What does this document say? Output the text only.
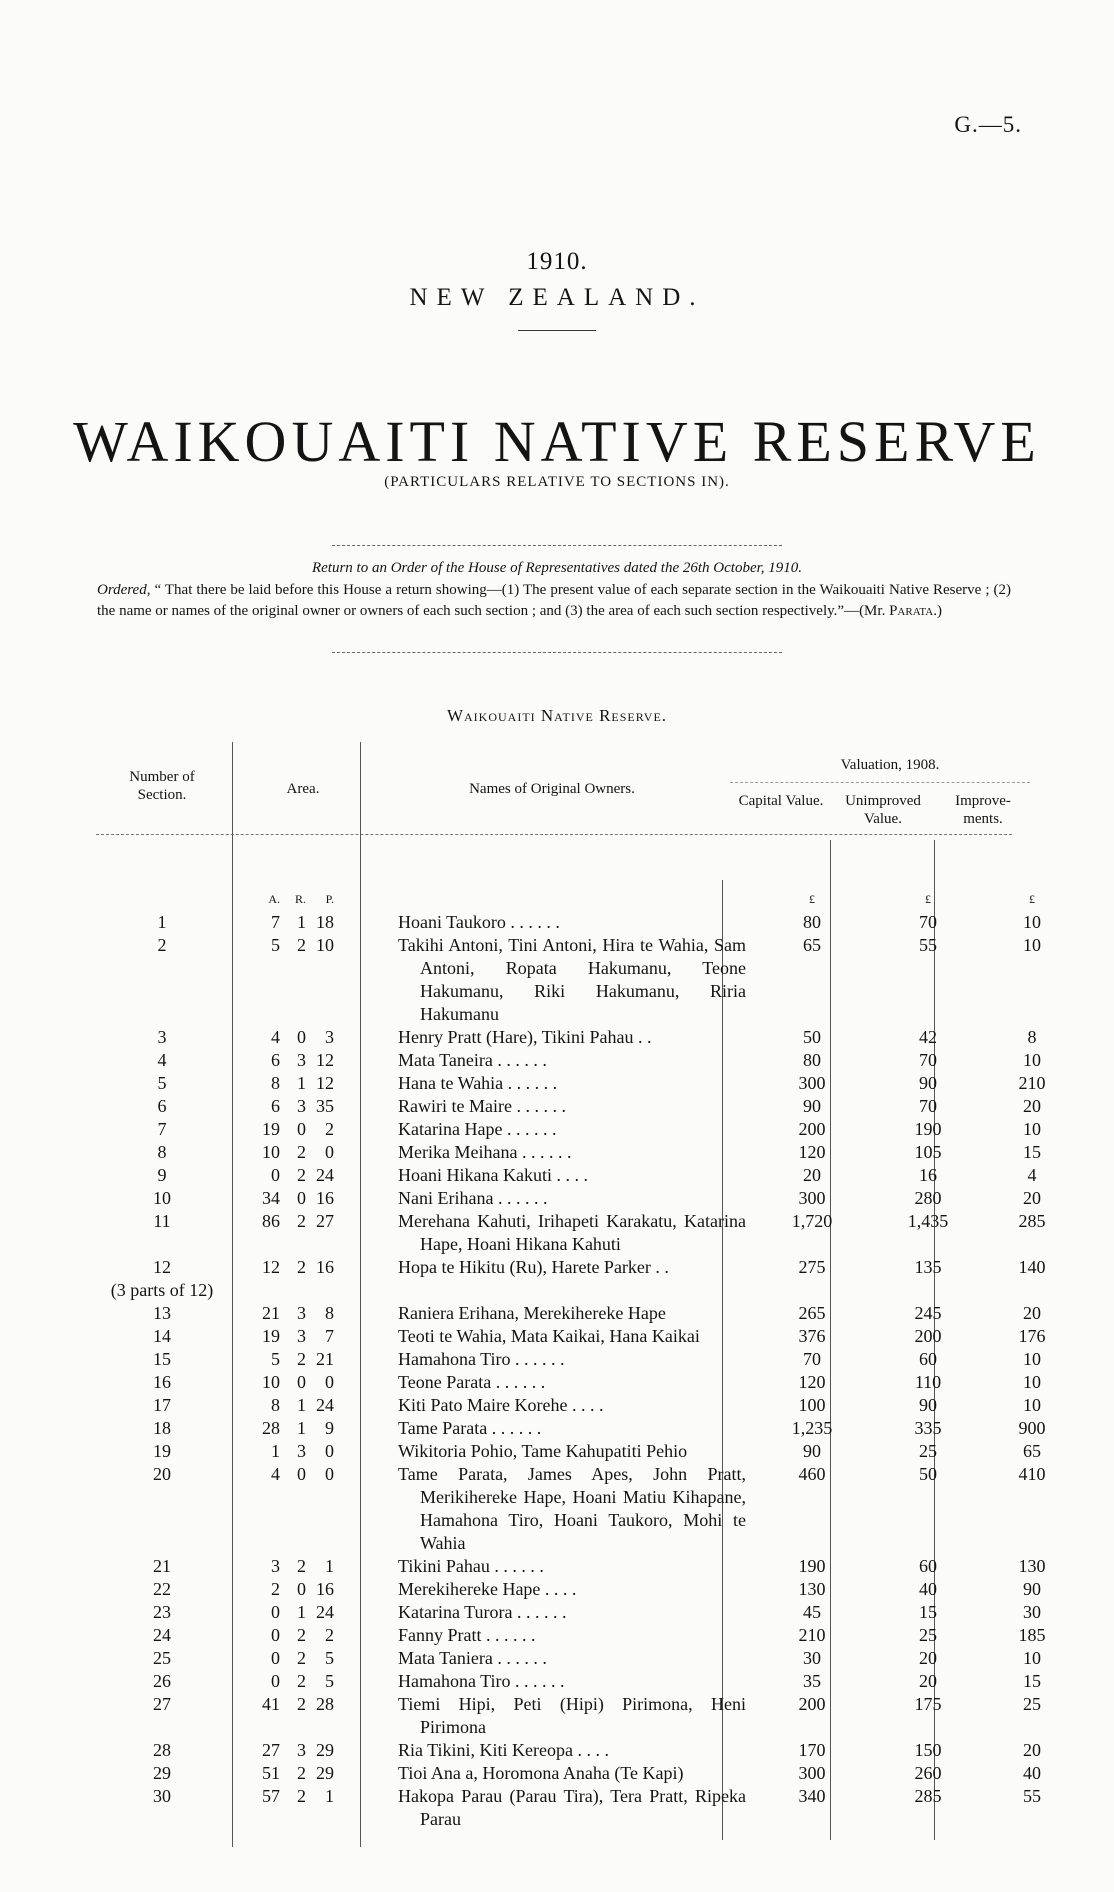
G.—5.
1910.
NEW ZEALAND.
WAIKOUAITI NATIVE RESERVE
(PARTICULARS RELATIVE TO SECTIONS IN).
Return to an Order of the House of Representatives dated the 26th October, 1910.
Ordered, “ That there be laid before this House a return showing—(1) The present value of each separate section in the Waikouaiti Native Reserve ; (2) the name or names of the original owner or owners of each such section ; and (3) the area of each such section respectively.”—(Mr. Parata.)
Waikouaiti Native Reserve.
Number of Section.	Area.	Names of Original Owners.
Valuation, 1908.
Capital Value.	Unimproved Value.
Improve- ments.
	A. R. P.		£	£	£
1	7 1 18	Hoani Taukoro . . . . . .	80	70	10
2	5 2 10	Takihi Antoni, Tini Antoni, Hira te Wahia, Sam Antoni, Ropata Hakumanu, Teone Hakumanu, Riki Hakumanu, Riria Hakumanu	65	55	10
3	4 0 3	Henry Pratt (Hare), Tikini Pahau . .	50	42	8
4	6 3 12	Mata Taneira . . . . . .	80	70	10
5	8 1 12	Hana te Wahia . . . . . .	300	90	210
6	6 3 35	Rawiri te Maire . . . . . .	90	70	20
7	19 0 2	Katarina Hape . . . . . .	200	190	10
8	10 2 0	Merika Meihana . . . . . .	120	105	15
9	0 2 24	Hoani Hikana Kakuti . . . .	20	16	4
10	34 0 16	Nani Erihana . . . . . .	300	280	20
11	86 2 27	Merehana Kahuti, Irihapeti Karakatu, Katarina Hape, Hoani Hikana Kahuti	1,720	1,435	285
12	12 2 16	Hopa te Hikitu (Ru), Harete Parker . .	275	135	140
(3 parts of 12)		

13	21 3 8	Raniera Erihana, Merekihereke Hape	265	245	20
14	19 3 7	Teoti te Wahia, Mata Kaikai, Hana Kaikai	376	200	176
15	5 2 21	Hamahona Tiro . . . . . .	70	60	10
16	10 0 0	Teone Parata . . . . . .	120	110	10
17	8 1 24	Kiti Pato Maire Korehe . . . .	100	90	10
18	28 1 9	Tame Parata . . . . . .	1,235	335	900
19	1 3 0	Wikitoria Pohio, Tame Kahupatiti Pehio	90	25	65
20	4 0 0	Tame Parata, James Apes, John Pratt, Merikihereke Hape, Hoani Matiu Kihapane, Hamahona Tiro, Hoani Taukoro, Mohi te Wahia	460	50	410
21	3 2 1	Tikini Pahau . . . . . .	190	60	130
22	2 0 16	Merekihereke Hape . . . .	130	40	90
23	0 1 24	Katarina Turora . . . . . .	45	15	30
24	0 2 2	Fanny Pratt . . . . . .	210	25	185
25	0 2 5	Mata Taniera . . . . . .	30	20	10
26	0 2 5	Hamahona Tiro . . . . . .	35	20	15
27	41 2 28	Tiemi Hipi, Peti (Hipi) Pirimona, Heni Pirimona	200	175	25
28	27 3 29	Ria Tikini, Kiti Kereopa . . . .	170	150	20
29	51 2 29	Tioi Ana a, Horomona Anaha (Te Kapi)	300	260	40
30	57 2 1	Hakopa Parau (Parau Tira), Tera Pratt, Ripeka Parau	340	285	55
